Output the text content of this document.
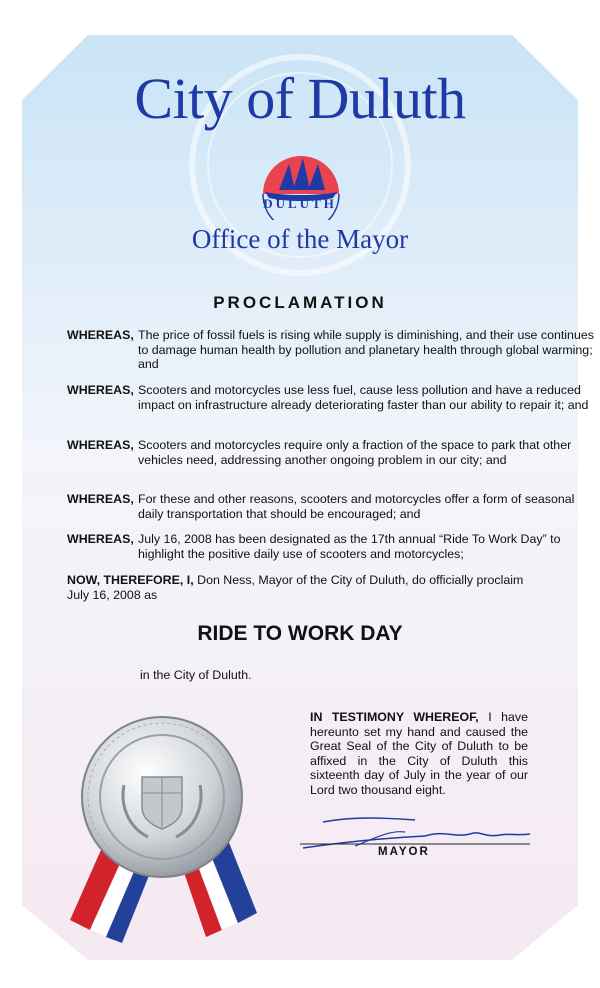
City of Duluth
DULUTH
Office of the Mayor
PROCLAMATION
WHEREAS, The price of fossil fuels is rising while supply is diminishing, and their use continues to damage human health by pollution and planetary health through global warming; and
WHEREAS, Scooters and motorcycles use less fuel, cause less pollution and have a reduced impact on infrastructure already deteriorating faster than our ability to repair it; and
WHEREAS, Scooters and motorcycles require only a fraction of the space to park that other vehicles need, addressing another ongoing problem in our city; and
WHEREAS, For these and other reasons, scooters and motorcycles offer a form of seasonal daily transportation that should be encouraged; and
WHEREAS, July 16, 2008 has been designated as the 17th annual “Ride To Work Day” to highlight the positive daily use of scooters and motorcycles;
NOW, THEREFORE, I, Don Ness, Mayor of the City of Duluth, do officially proclaim July 16, 2008 as
RIDE TO WORK DAY
in the City of Duluth.
IN TESTIMONY WHEREOF, I have hereunto set my hand and caused the Great Seal of the City of Duluth to be affixed in the City of Duluth this sixteenth day of July in the year of our Lord two thousand eight.
MAYOR
